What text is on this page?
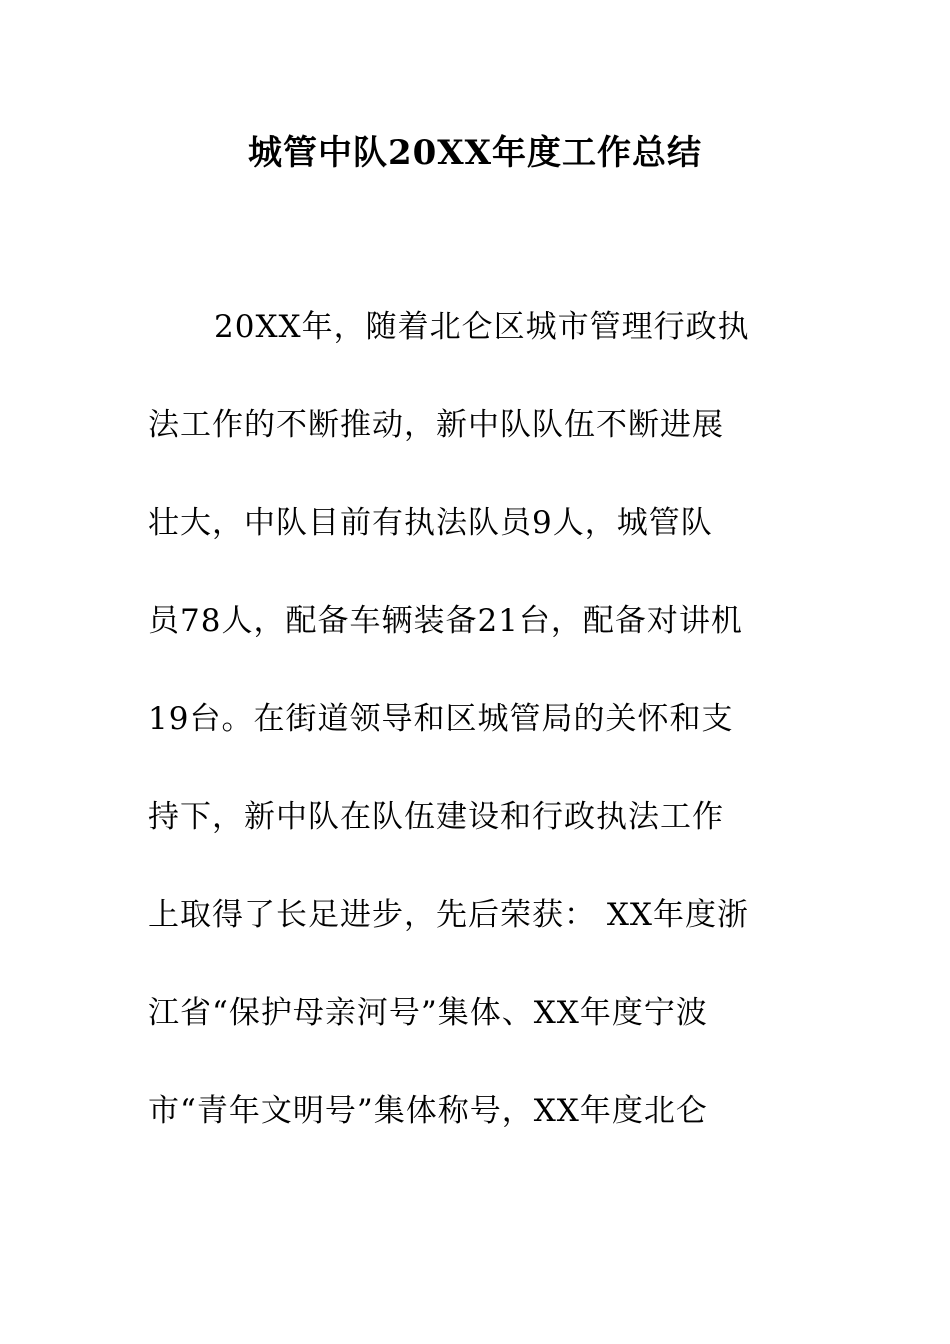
城管中队20XX年度工作总结
20XX年，随着北仑区城市管理行政执
法工作的不断推动，新中队队伍不断进展
壮大，中队目前有执法队员9人，城管队
员78人，配备车辆装备21台，配备对讲机
19台。在街道领导和区城管局的关怀和支
持下，新中队在队伍建设和行政执法工作
上取得了长足进步，先后荣获： XX年度浙
江省“保护母亲河号”集体、XX年度宁波
市“青年文明号”集体称号，XX年度北仑
